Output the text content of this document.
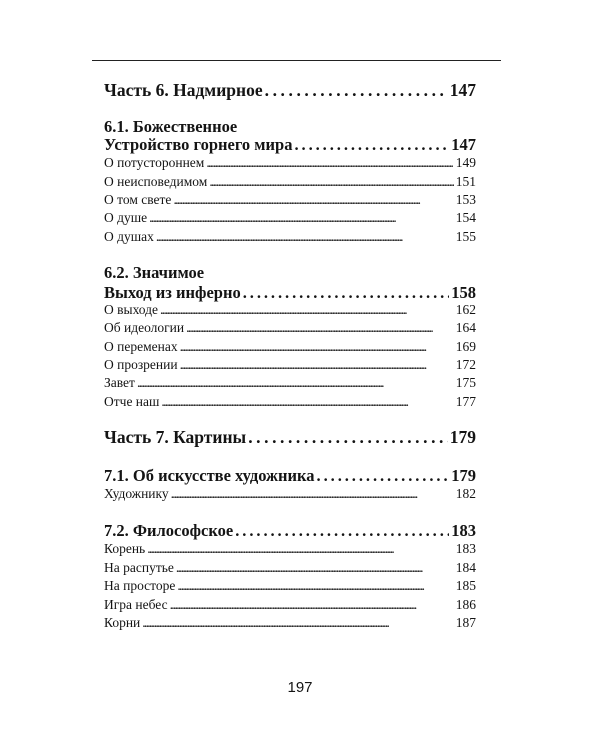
Часть 6. Надмирное . . .	147
6.1. Божественное
Устройство горнего мира . . .	147
О потустороннем . . .	149
О неисповедимом . . .	151
О том свете . . .	153
О душе . . .	154
О душах . . .	155
6.2. Значимое
Выход из инферно . . .	158
О выходе . . .	162
Об идеологии . . .	164
О переменах . . .	169
О прозрении . . .	172
Завет . . .	175
Отче наш . . .	177
Часть 7. Картины . . .	179
7.1. Об искусстве художника . . .	179
Художнику . . .	182
7.2. Философское . . .	183
Корень . . .	183
На распутье . . .	184
На просторе . . .	185
Игра небес . . .	186
Корни . . .	187
197
